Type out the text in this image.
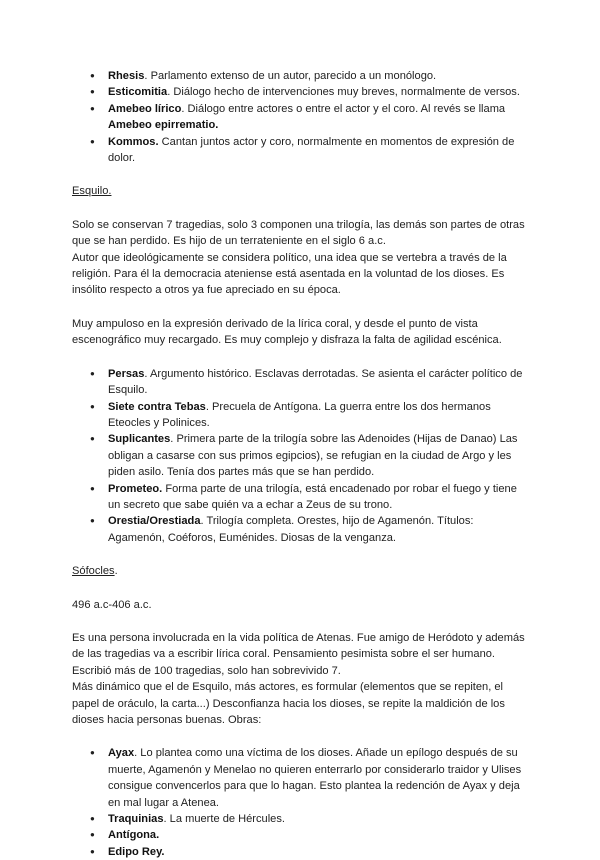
● Rhesis. Parlamento extenso de un autor, parecido a un monólogo.
● Esticomitia. Diálogo hecho de intervenciones muy breves, normalmente de versos.
● Amebeo lírico. Diálogo entre actores o entre el actor y el coro. Al revés se llama
Amebeo epirrematio.
● Kommos. Cantan juntos actor y coro, normalmente en momentos de expresión de dolor.

Esquilo.

Solo se conservan 7 tragedias, solo 3 componen una trilogía, las demás son partes de otras que se han perdido. Es hijo de un terrateniente en el siglo 6 a.c.

Autor que ideológicamente se considera político, una idea que se vertebra a través de la religión. Para él la democracia ateniense está asentada en la voluntad de los dioses. Es insólito respecto a otros ya fue apreciado en su época.

Muy ampuloso en la expresión derivado de la lírica coral, y desde el punto de vista escenográfico muy recargado. Es muy complejo y disfraza la falta de agilidad escénica.

● Persas. Argumento histórico. Esclavas derrotadas. Se asienta el carácter político de Esquilo.
● Siete contra Tebas. Precuela de Antígona. La guerra entre los dos hermanos Eteocles y Polinices.
● Suplicantes. Primera parte de la trilogía sobre las Adenoides (Hijas de Danao) Las obligan a casarse con sus primos egipcios), se refugian en la ciudad de Argo y les piden asilo. Tenía dos partes más que se han perdido.
● Prometeo. Forma parte de una trilogía, está encadenado por robar el fuego y tiene un secreto que sabe quién va a echar a Zeus de su trono.
● Orestia/Orestiada. Trilogía completa. Orestes, hijo de Agamenón. Títulos: Agamenón, Coéforos, Euménides. Diosas de la venganza.

Sófocles.

496 a.c-406 a.c.

Es una persona involucrada en la vida política de Atenas. Fue amigo de Heródoto y además de las tragedias va a escribir lírica coral. Pensamiento pesimista sobre el ser humano. Escribió más de 100 tragedias, solo han sobrevivido 7.

Más dinámico que el de Esquilo, más actores, es formular (elementos que se repiten, el papel de oráculo, la carta...) Desconfianza hacia los dioses, se repite la maldición de los dioses hacia personas buenas. Obras:

● Ayax. Lo plantea como una víctima de los dioses. Añade un epílogo después de su muerte, Agamenón y Menelao no quieren enterrarlo por considerarlo traidor y Ulises consigue convencerlos para que lo hagan. Esto plantea la redención de Ayax y deja en mal lugar a Atenea.
● Traquinias. La muerte de Hércules.
● Antígona.
● Edipo Rey.
